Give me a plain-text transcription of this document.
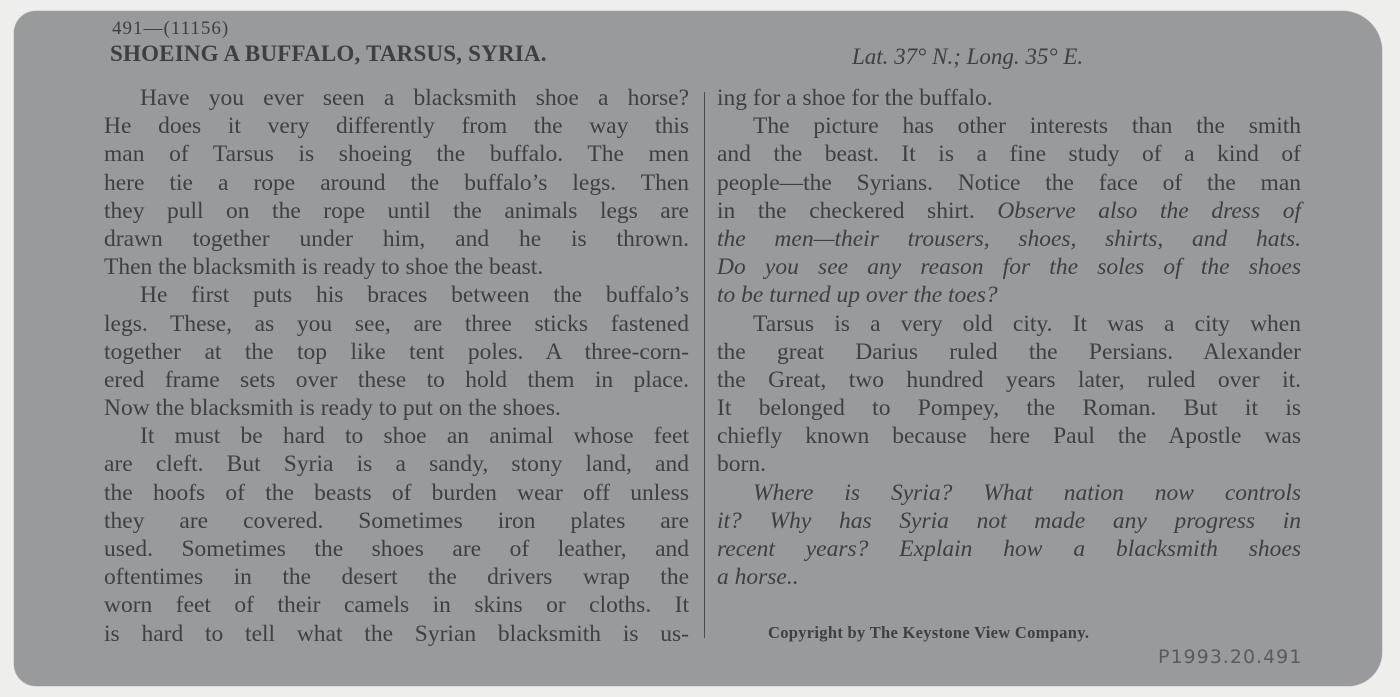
491—(11156)
SHOEING A BUFFALO, TARSUS, SYRIA.	Lat. 37° N.; Long. 35° E.
Have you ever seen a blacksmith shoe a horse?
He does it very differently from the way this
man of Tarsus is shoeing the buffalo. The men
here tie a rope around the buffalo’s legs. Then
they pull on the rope until the animals legs are
drawn together under him, and he is thrown.
Then the blacksmith is ready to shoe the beast.
He first puts his braces between the buffalo’s
legs. These, as you see, are three sticks fastened
together at the top like tent poles. A three-corn-
ered frame sets over these to hold them in place.
Now the blacksmith is ready to put on the shoes.
It must be hard to shoe an animal whose feet
are cleft. But Syria is a sandy, stony land, and
the hoofs of the beasts of burden wear off unless
they are covered. Sometimes iron plates are
used. Sometimes the shoes are of leather, and
oftentimes in the desert the drivers wrap the
worn feet of their camels in skins or cloths. It
is hard to tell what the Syrian blacksmith is us-
ing for a shoe for the buffalo.
The picture has other interests than the smith
and the beast. It is a fine study of a kind of
people—the Syrians. Notice the face of the man
in the checkered shirt. Observe also the dress of
the men—their trousers, shoes, shirts, and hats.
Do you see any reason for the soles of the shoes
to be turned up over the toes?
Tarsus is a very old city. It was a city when
the great Darius ruled the Persians. Alexander
the Great, two hundred years later, ruled over it.
It belonged to Pompey, the Roman. But it is
chiefly known because here Paul the Apostle was
born.
Where is Syria? What nation now controls
it? Why has Syria not made any progress in
recent years? Explain how a blacksmith shoes
a horse..
Copyright by The Keystone View Company.
P1993.20.491
